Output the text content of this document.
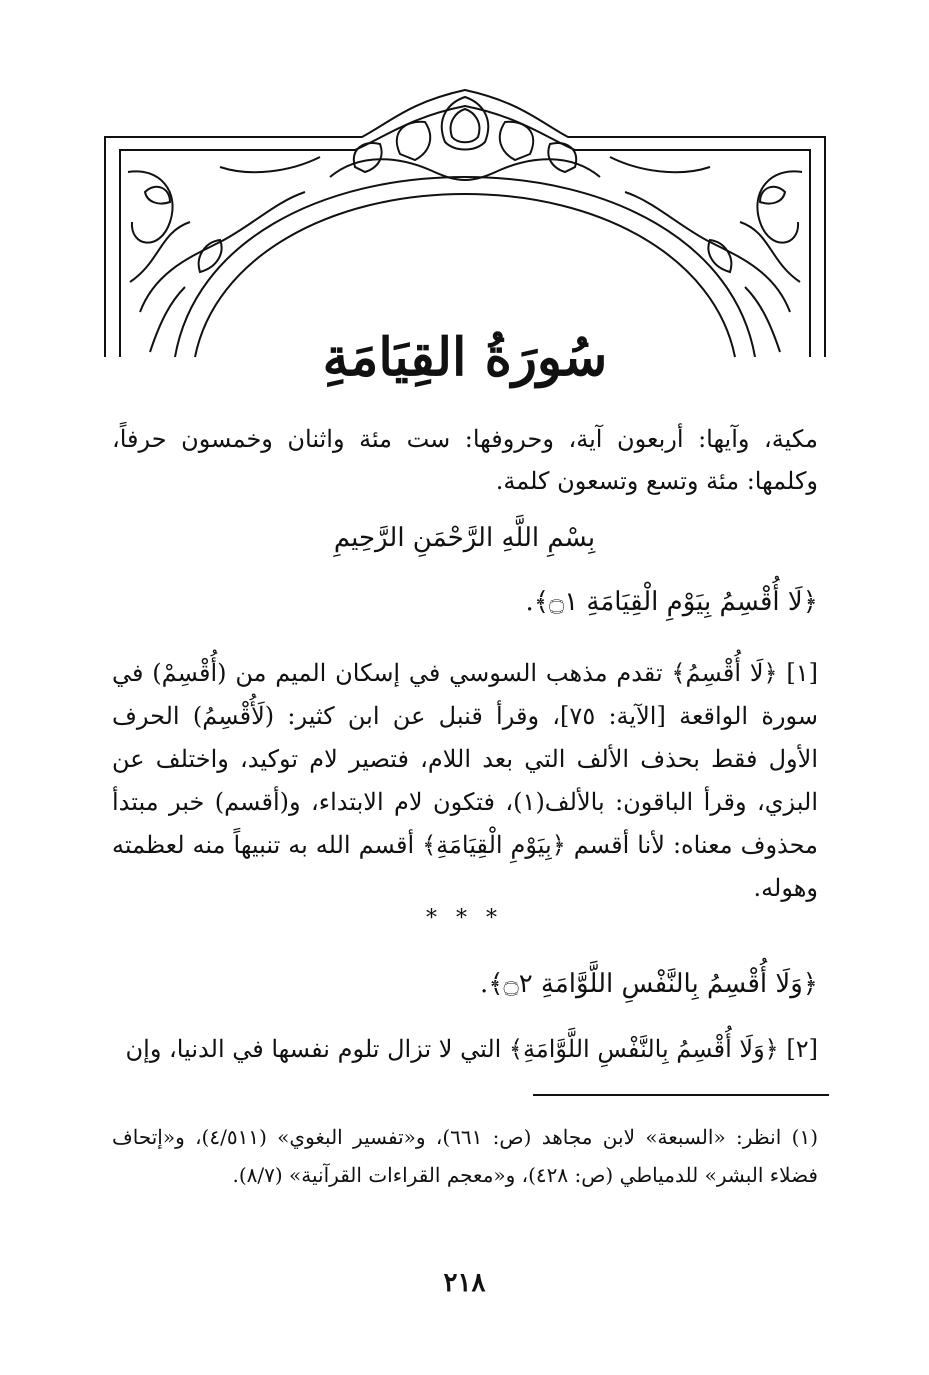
سُورَةُ القِيَامَةِ
مكية، وآيها: أربعون آية، وحروفها: ست مئة واثنان وخمسون حرفاً، وكلمها: مئة وتسع وتسعون كلمة.
بِسْمِ اللَّهِ الرَّحْمَنِ الرَّحِيمِ
﴿لَا أُقْسِمُ بِيَوْمِ الْقِيَامَةِ ۝١﴾.
[١] ﴿لَا أُقْسِمُ﴾ تقدم مذهب السوسي في إسكان الميم من (أُقْسِمْ) في سورة الواقعة [الآية: ٧٥]، وقرأ قنبل عن ابن كثير: (لَأُقْسِمُ) الحرف الأول فقط بحذف الألف التي بعد اللام، فتصير لام توكيد، واختلف عن البزي، وقرأ الباقون: بالألف(١)، فتكون لام الابتداء، و(أقسم) خبر مبتدأ محذوف معناه: لأنا أقسم ﴿بِيَوْمِ الْقِيَامَةِ﴾ أقسم الله به تنبيهاً منه لعظمته وهوله.
* * *
﴿وَلَا أُقْسِمُ بِالنَّفْسِ اللَّوَّامَةِ ۝٢﴾.
[٢] ﴿وَلَا أُقْسِمُ بِالنَّفْسِ اللَّوَّامَةِ﴾ التي لا تزال تلوم نفسها في الدنيا، وإن
(١) انظر: «السبعة» لابن مجاهد (ص: ٦٦١)، و«تفسير البغوي» (٤/٥١١)، و«إتحاف فضلاء البشر» للدمياطي (ص: ٤٢٨)، و«معجم القراءات القرآنية» (٨/٧).
٢١٨
